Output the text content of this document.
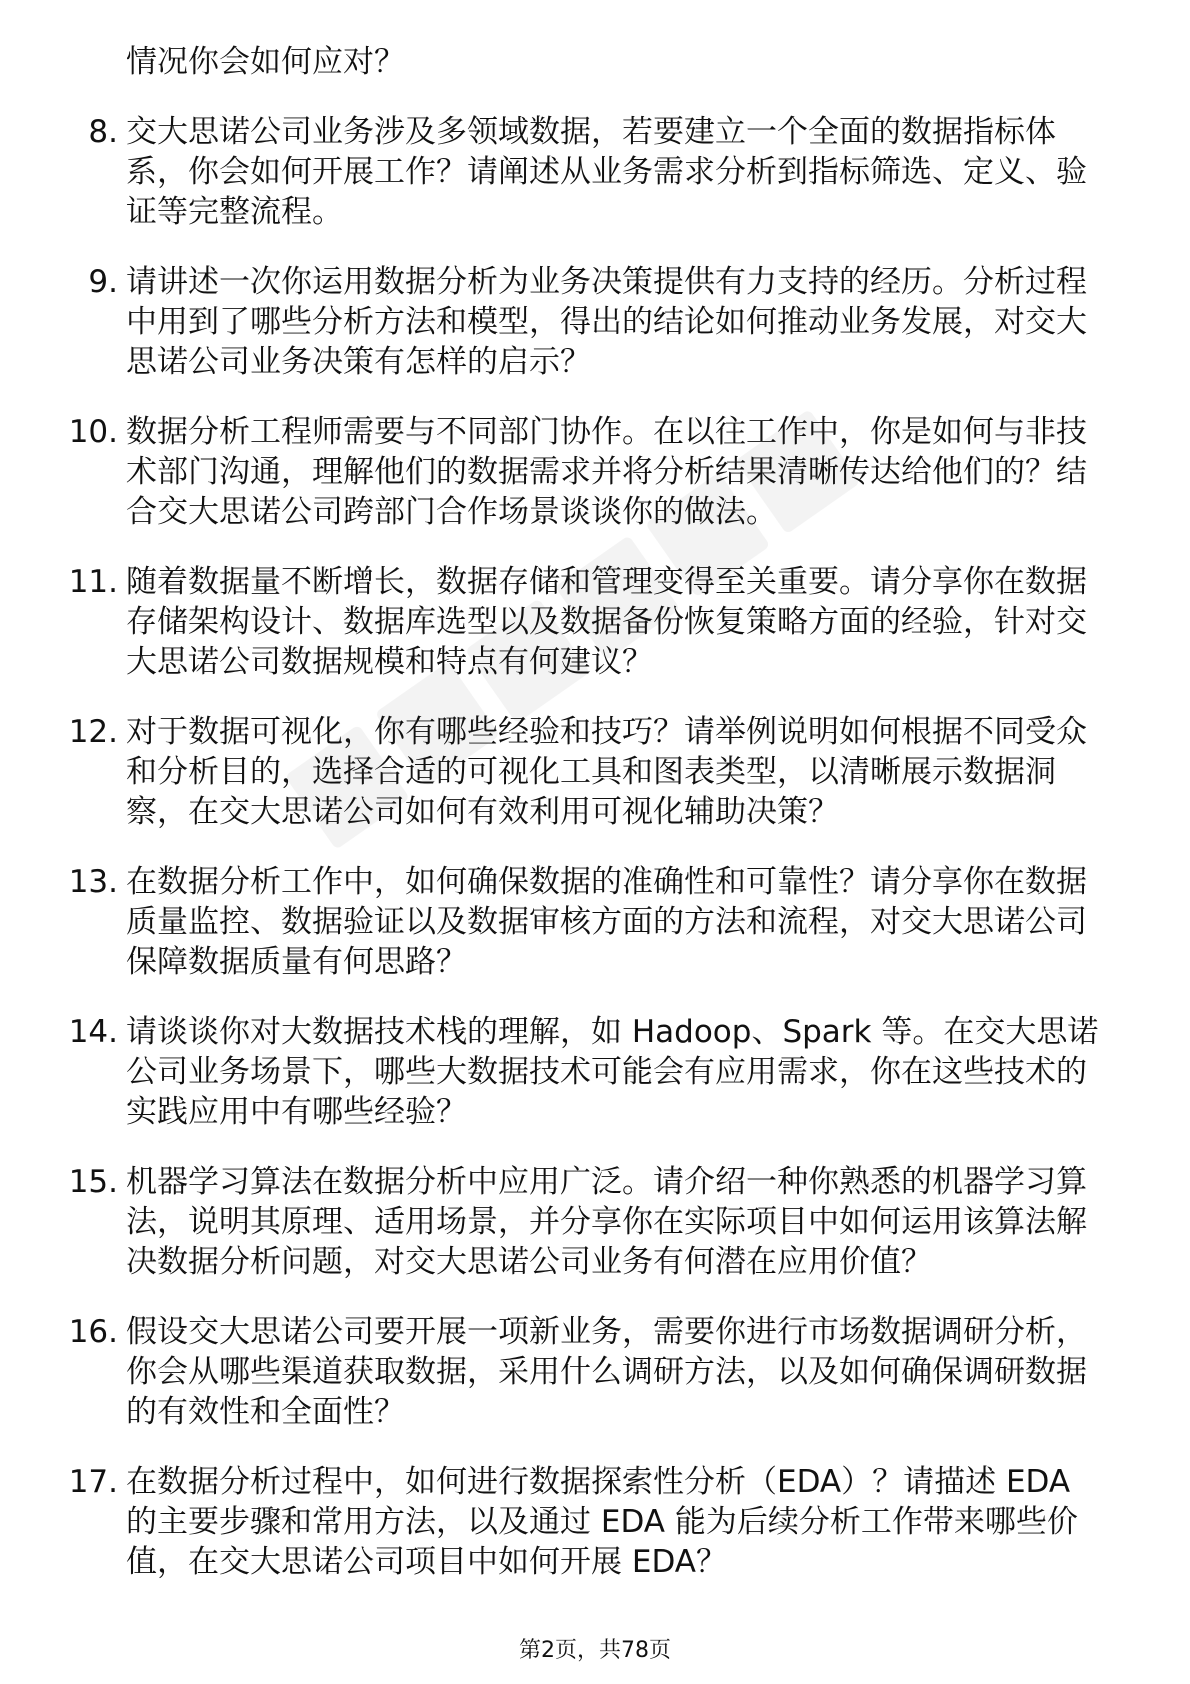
情况你会如何应对？
8. 交大思诺公司业务涉及多领域数据，若要建立一个全面的数据指标体系，你会如何开展工作？请阐述从业务需求分析到指标筛选、定义、验证等完整流程。
9. 请讲述一次你运用数据分析为业务决策提供有力支持的经历。分析过程中用到了哪些分析方法和模型，得出的结论如何推动业务发展，对交大思诺公司业务决策有怎样的启示？
10. 数据分析工程师需要与不同部门协作。在以往工作中，你是如何与非技术部门沟通，理解他们的数据需求并将分析结果清晰传达给他们的？结合交大思诺公司跨部门合作场景谈谈你的做法。
11. 随着数据量不断增长，数据存储和管理变得至关重要。请分享你在数据存储架构设计、数据库选型以及数据备份恢复策略方面的经验，针对交大思诺公司数据规模和特点有何建议？
12. 对于数据可视化，你有哪些经验和技巧？请举例说明如何根据不同受众和分析目的，选择合适的可视化工具和图表类型，以清晰展示数据洞察，在交大思诺公司如何有效利用可视化辅助决策？
13. 在数据分析工作中，如何确保数据的准确性和可靠性？请分享你在数据质量监控、数据验证以及数据审核方面的方法和流程，对交大思诺公司保障数据质量有何思路？
14. 请谈谈你对大数据技术栈的理解，如 Hadoop、Spark 等。在交大思诺公司业务场景下，哪些大数据技术可能会有应用需求，你在这些技术的实践应用中有哪些经验？
15. 机器学习算法在数据分析中应用广泛。请介绍一种你熟悉的机器学习算法，说明其原理、适用场景，并分享你在实际项目中如何运用该算法解决数据分析问题，对交大思诺公司业务有何潜在应用价值？
16. 假设交大思诺公司要开展一项新业务，需要你进行市场数据调研分析，你会从哪些渠道获取数据，采用什么调研方法，以及如何确保调研数据的有效性和全面性？
17. 在数据分析过程中，如何进行数据探索性分析（EDA）？请描述 EDA 的主要步骤和常用方法，以及通过 EDA 能为后续分析工作带来哪些价值，在交大思诺公司项目中如何开展 EDA？
第2页，共78页
